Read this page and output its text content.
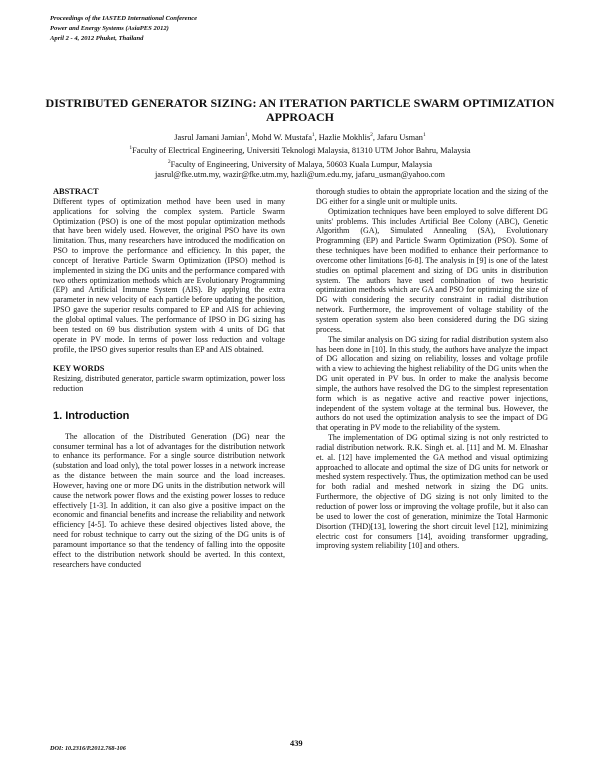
Proceedings of the IASTED International Conference
Power and Energy Systems (AsiaPES 2012)
April 2 - 4, 2012 Phuket, Thailand
DISTRIBUTED GENERATOR SIZING: AN ITERATION PARTICLE SWARM OPTIMIZATION APPROACH
Jasrul Jamani Jamian$^1$, Mohd W. Mustafa$^1$, Hazlie Mokhlis$^2$, Jafaru Usman$^1$
$^1$Faculty of Electrical Engineering, Universiti Teknologi Malaysia, 81310 UTM Johor Bahru, Malaysia
$^2$Faculty of Engineering, University of Malaya, 50603 Kuala Lumpur, Malaysia
jasrul@fke.utm.my, wazir@fke.utm.my, hazli@um.edu.my, jafaru_usman@yahoo.com
ABSTRACT

Different types of optimization method have been used in many applications for solving the complex system. Particle Swarm Optimization (PSO) is one of the most popular optimization methods that have been widely used. However, the original PSO have its own limitation. Thus, many researchers have introduced the modification on PSO to improve the performance and efficiency. In this paper, the concept of Iterative Particle Swarm Optimization (IPSO) method is implemented in sizing the DG units and the performance compared with two others optimization methods which are Evolutionary Programming (EP) and Artificial Immune System (AIS). By applying the extra parameter in new velocity of each particle before updating the position, IPSO gave the superior results compared to EP and AIS for achieving the global optimal values. The performance of IPSO in DG sizing has been tested on 69 bus distribution system with 4 units of DG that operate in PV mode. In terms of power loss reduction and voltage profile, the IPSO gives superior results than EP and AIS obtained.

KEY WORDS

Resizing, distributed generator, particle swarm optimization, power loss reduction

1. Introduction

The allocation of the Distributed Generation (DG) near the consumer terminal has a lot of advantages for the distribution network to enhance its performance. For a single source distribution network (substation and load only), the total power losses in a network increase as the distance between the main source and the load increases. However, having one or more DG units in the distribution network will cause the network power flows and the existing power losses to reduce effectively [1-3]. In addition, it can also give a positive impact on the economic and financial benefits and increase the reliability and network efficiency [4-5]. To achieve these desired objectives listed above, the need for robust technique to carry out the sizing of the DG units is of paramount importance so that the tendency of falling into the opposite effect to the distribution network should be averted. In this context, researchers have conducted

thorough studies to obtain the appropriate location and the sizing of the DG either for a single unit or multiple units.

Optimization techniques have been employed to solve different DG units' problems. This includes Artificial Bee Colony (ABC), Genetic Algorithm (GA), Simulated Annealing (SA), Evolutionary Programming (EP) and Particle Swarm Optimization (PSO). Some of these techniques have been modified to enhance their performance to overcome other limitations [6-8]. The analysis in [9] is one of the latest studies on optimal placement and sizing of DG units in distribution system. The authors have used combination of two heuristic optimization methods which are GA and PSO for optimizing the size of DG with considering the security constraint in radial distribution network. Furthermore, the improvement of voltage stability of the system operation system also been considered during the DG sizing process.

The similar analysis on DG sizing for radial distribution system also has been done in [10]. In this study, the authors have analyze the impact of DG allocation and sizing on reliability, losses and voltage profile with a view to achieving the highest reliability of the DG units when the DG unit operated in PV bus. In order to make the analysis become simple, the authors have resolved the DG to the simplest representation form which is as negative active and reactive power injections, independent of the system voltage at the terminal bus. However, the authors do not used the optimization analysis to see the impact of DG that operating in PV mode to the reliability of the system.

The implementation of DG optimal sizing is not only restricted to radial distribution network. R.K. Singh et. al. [11] and M. M. Elnashar et. al. [12] have implemented the GA method and visual optimizing approached to allocate and optimal the size of DG units for network or meshed system respectively. Thus, the optimization method can be used for both radial and meshed network in sizing the DG units. Furthermore, the objective of DG sizing is not only limited to the reduction of power loss or improving the voltage profile, but it also can be used to lower the cost of generation, minimize the Total Harmonic Disortion (THD)[13], lowering the short circuit level [12], minimizing electric cost for consumers [14], avoiding transformer upgrading, improving system reliability [10] and others.

DOI: 10.2316/P.2012.768-106
439
